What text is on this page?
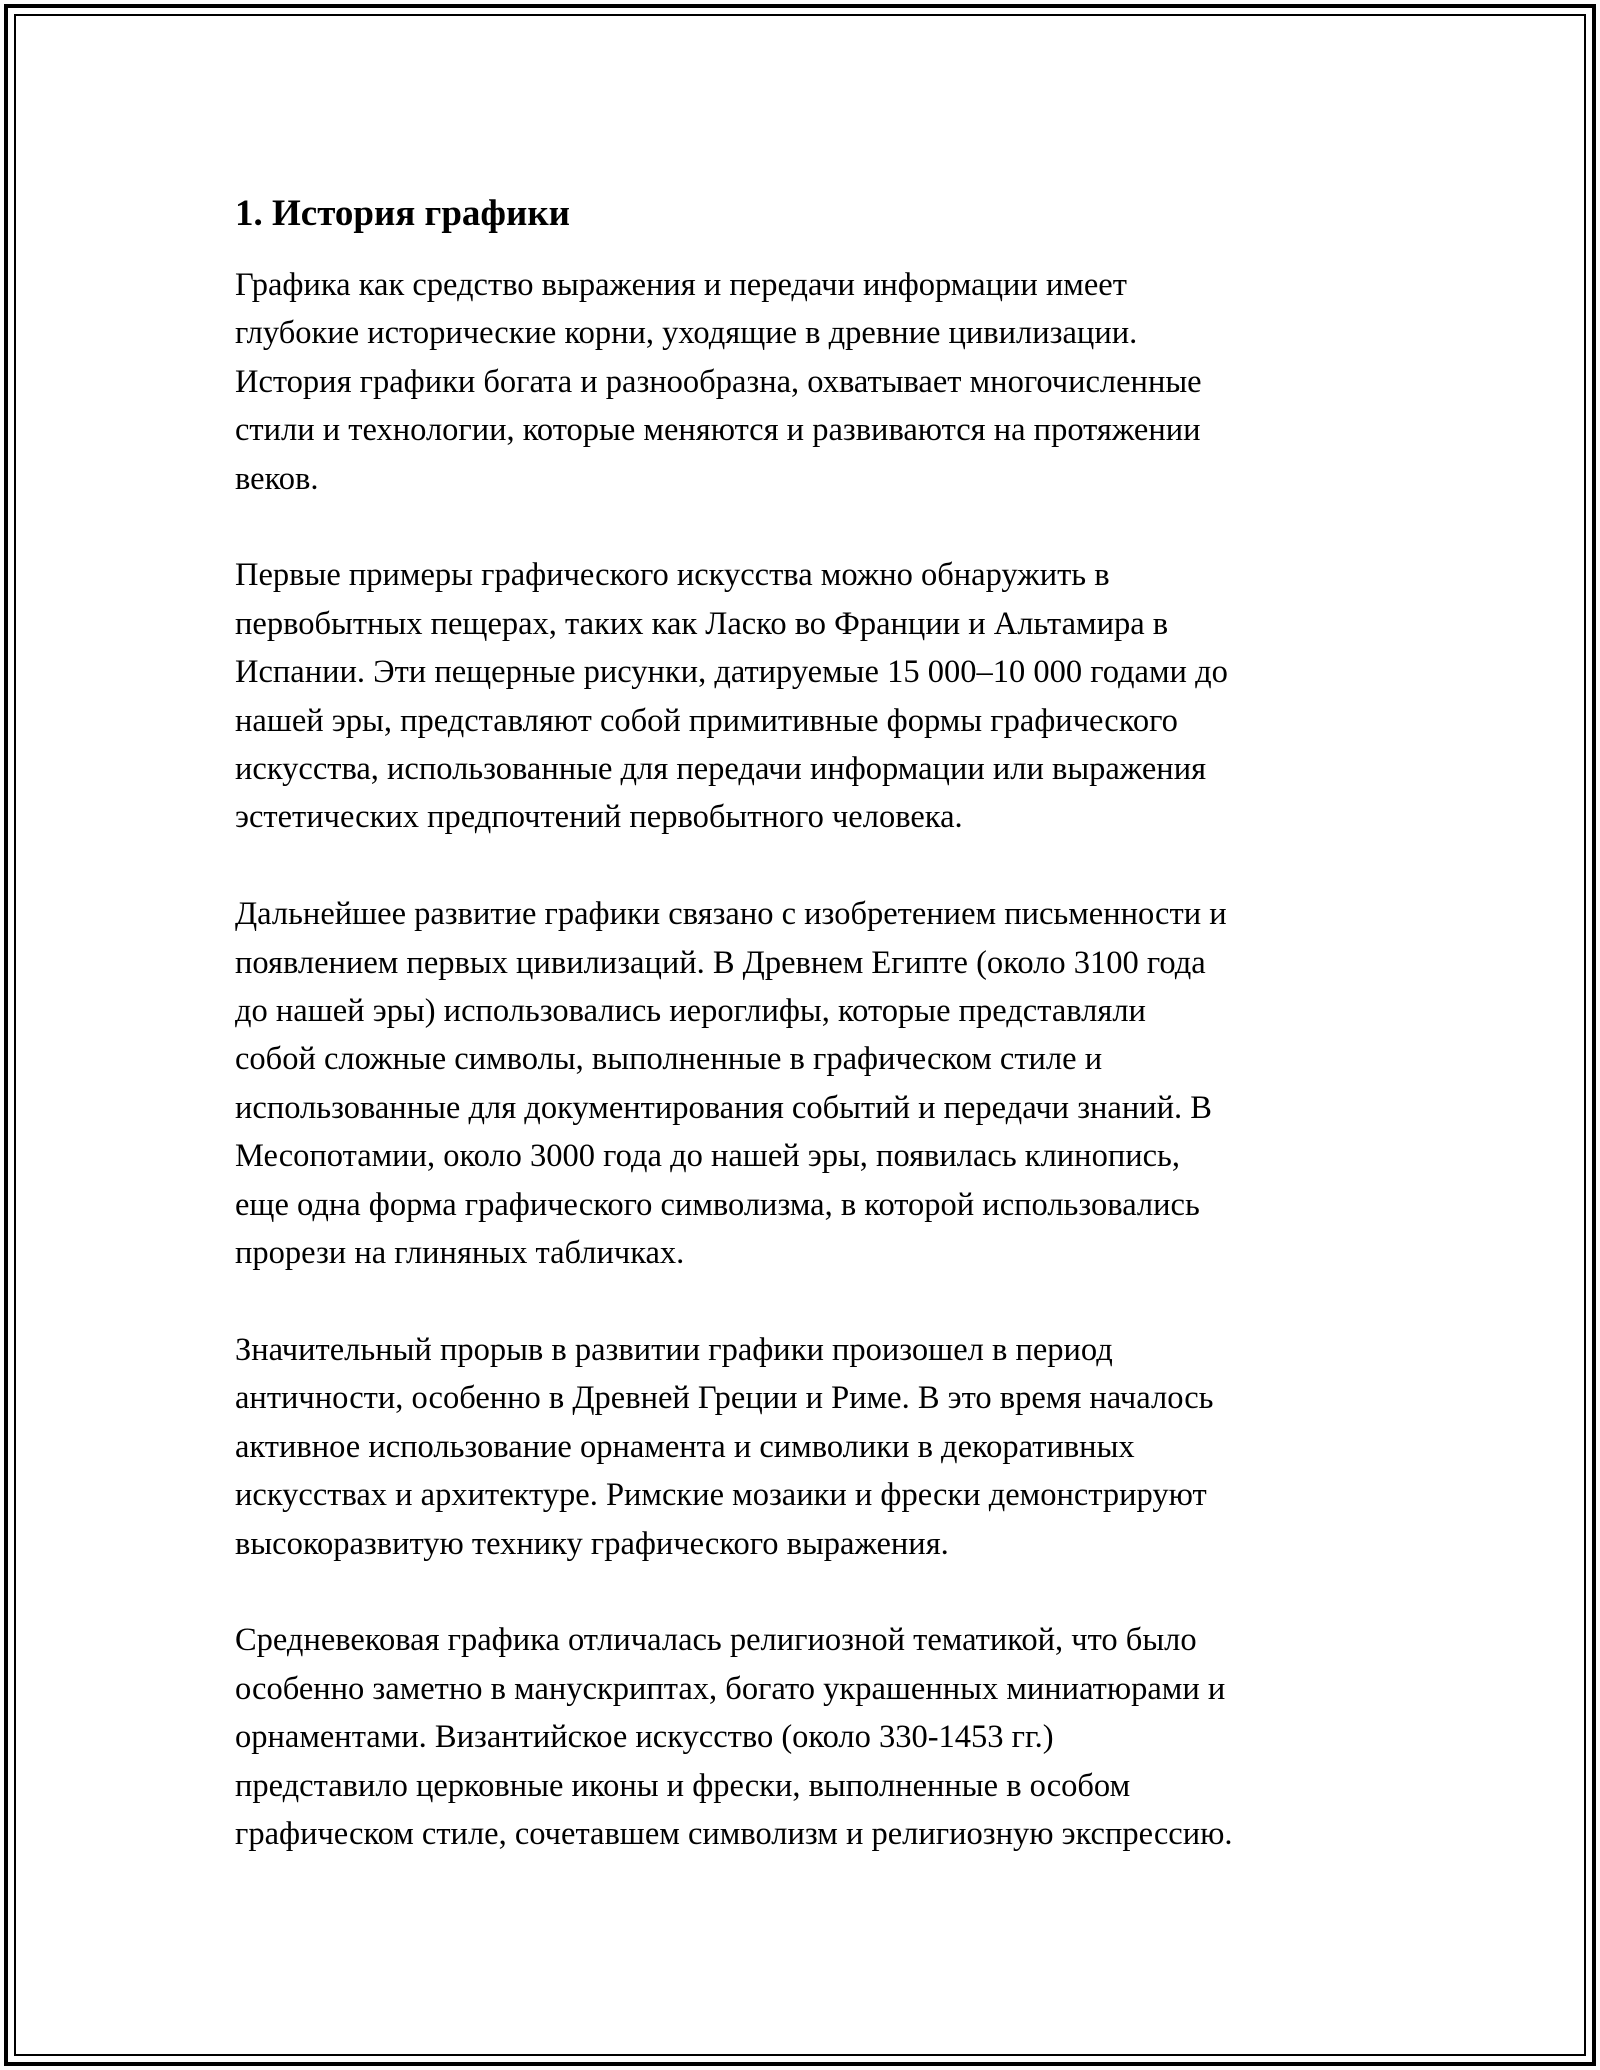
1. История графики

Графика как средство выражения и передачи информации имеет
глубокие исторические корни, уходящие в древние цивилизации.
История графики богата и разнообразна, охватывает многочисленные
стили и технологии, которые меняются и развиваются на протяжении
веков.

Первые примеры графического искусства можно обнаружить в
первобытных пещерах, таких как Ласко во Франции и Альтамира в
Испании. Эти пещерные рисунки, датируемые 15 000–10 000 годами до
нашей эры, представляют собой примитивные формы графического
искусства, использованные для передачи информации или выражения
эстетических предпочтений первобытного человека.

Дальнейшее развитие графики связано с изобретением письменности и
появлением первых цивилизаций. В Древнем Египте (около 3100 года
до нашей эры) использовались иероглифы, которые представляли
собой сложные символы, выполненные в графическом стиле и
использованные для документирования событий и передачи знаний. В
Месопотамии, около 3000 года до нашей эры, появилась клинопись,
еще одна форма графического символизма, в которой использовались
прорези на глиняных табличках.

Значительный прорыв в развитии графики произошел в период
античности, особенно в Древней Греции и Риме. В это время началось
активное использование орнамента и символики в декоративных
искусствах и архитектуре. Римские мозаики и фрески демонстрируют
высокоразвитую технику графического выражения.

Средневековая графика отличалась религиозной тематикой, что было
особенно заметно в манускриптах, богато украшенных миниатюрами и
орнаментами. Византийское искусство (около 330-1453 гг.)
представило церковные иконы и фрески, выполненные в особом
графическом стиле, сочетавшем символизм и религиозную экспрессию.
